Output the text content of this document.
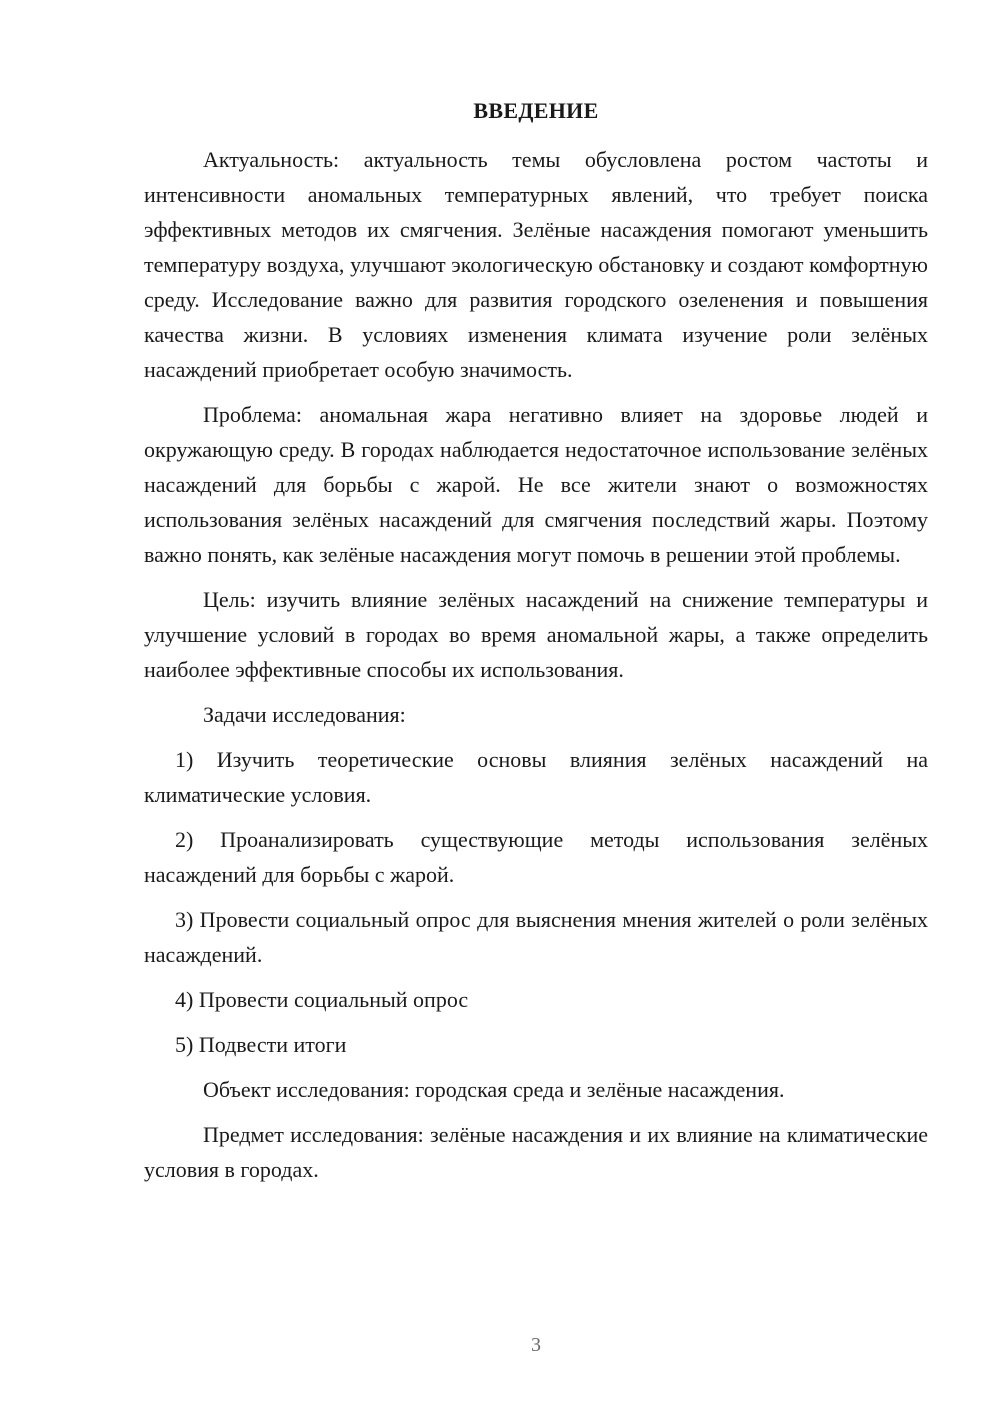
ВВЕДЕНИЕ

Актуальность: актуальность темы обусловлена ростом частоты и интенсивности аномальных температурных явлений, что требует поиска эффективных методов их смягчения. Зелёные насаждения помогают уменьшить температуру воздуха, улучшают экологическую обстановку и создают комфортную среду. Исследование важно для развития городского озеленения и повышения качества жизни. В условиях изменения климата изучение роли зелёных насаждений приобретает особую значимость.

Проблема: аномальная жара негативно влияет на здоровье людей и окружающую среду. В городах наблюдается недостаточное использование зелёных насаждений для борьбы с жарой. Не все жители знают о возможностях использования зелёных насаждений для смягчения последствий жары. Поэтому важно понять, как зелёные насаждения могут помочь в решении этой проблемы.

Цель: изучить влияние зелёных насаждений на снижение температуры и улучшение условий в городах во время аномальной жары, а также определить наиболее эффективные способы их использования.

Задачи исследования:

1) Изучить теоретические основы влияния зелёных насаждений на климатические условия.

2) Проанализировать существующие методы использования зелёных насаждений для борьбы с жарой.

3) Провести социальный опрос для выяснения мнения жителей о роли зелёных насаждений.

4) Провести социальный опрос

5) Подвести итоги

Объект исследования: городская среда и зелёные насаждения.

Предмет исследования: зелёные насаждения и их влияние на климатические условия в городах.

3
